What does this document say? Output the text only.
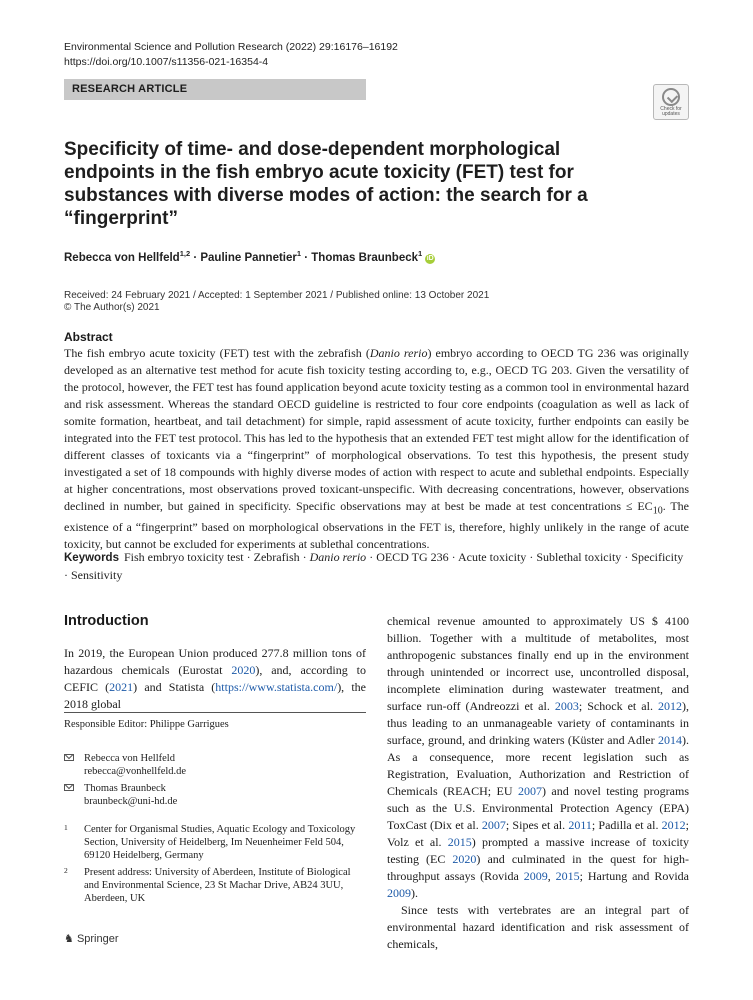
Environmental Science and Pollution Research (2022) 29:16176–16192
https://doi.org/10.1007/s11356-021-16354-4
RESEARCH ARTICLE
Check for updates
Specificity of time- and dose-dependent morphological endpoints in the fish embryo acute toxicity (FET) test for substances with diverse modes of action: the search for a “fingerprint”
Rebecca von Hellfeld$^{1,2}$ · Pauline Pannetier$^1$ · Thomas Braunbeck$^1$iD
Received: 24 February 2021 / Accepted: 1 September 2021 / Published online: 13 October 2021
© The Author(s) 2021
Abstract

The fish embryo acute toxicity (FET) test with the zebrafish (Danio rerio) embryo according to OECD TG 236 was originally developed as an alternative test method for acute fish toxicity testing according to, e.g., OECD TG 203. Given the versatility of the protocol, however, the FET test has found application beyond acute toxicity testing as a common tool in environmental hazard and risk assessment. Whereas the standard OECD guideline is restricted to four core endpoints (coagulation as well as lack of somite formation, heartbeat, and tail detachment) for simple, rapid assessment of acute toxicity, further endpoints can easily be integrated into the FET test protocol. This has led to the hypothesis that an extended FET test might allow for the identification of different classes of toxicants via a “fingerprint” of morphological observations. To test this hypothesis, the present study investigated a set of 18 compounds with highly diverse modes of action with respect to acute and sublethal endpoints. Especially at higher concentrations, most observations proved toxicant-unspecific. With decreasing concentrations, however, observations declined in number, but gained in specificity. Specific observations may at best be made at test concentrations ≤ $EC_{10}$. The existence of a “fingerprint” based on morphological observations in the FET is, therefore, highly unlikely in the range of acute toxicity, but cannot be excluded for experiments at sublethal concentrations.

Keywords Fish embryo toxicity test · Zebrafish · Danio rerio · OECD TG 236 · Acute toxicity · Sublethal toxicity · Specificity · Sensitivity
Introduction

In 2019, the European Union produced 277.8 million tons of hazardous chemicals (Eurostat 2020), and, according to CEFIC (2021) and Statista (https://www.statista.com/), the 2018 global

chemical revenue amounted to approximately US $ 4100 billion. Together with a multitude of metabolites, most anthropogenic substances finally end up in the environment through unintended or incorrect use, uncontrolled disposal, incomplete elimination during wastewater treatment, and surface run-off (Andreozzi et al. 2003; Schock et al. 2012), thus leading to an unmanageable variety of contaminants in surface, ground, and drinking waters (Küster and Adler 2014). As a consequence, more recent legislation such as Registration, Evaluation, Authorization and Restriction of Chemicals (REACH; EU 2007) and novel testing programs such as the U.S. Environmental Protection Agency (EPA) ToxCast (Dix et al. 2007; Sipes et al. 2011; Padilla et al. 2012; Volz et al. 2015) prompted a massive increase of toxicity testing (EC 2020) and culminated in the quest for high-throughput assays (Rovida 2009, 2015; Hartung and Rovida 2009).

Since tests with vertebrates are an integral part of environmental hazard identification and risk assessment of chemicals,

Responsible Editor: Philippe Garrigues
Rebecca von Hellfeld
rebecca@vonhellfeld.de
Thomas Braunbeck
braunbeck@uni-hd.de
1 Center for Organismal Studies, Aquatic Ecology and Toxicology Section, University of Heidelberg, Im Neuenheimer Feld 504, 69120 Heidelberg, Germany
2 Present address: University of Aberdeen, Institute of Biological and Environmental Science, 23 St Machar Drive, AB24 3UU, Aberdeen, UK
♞ Springer
